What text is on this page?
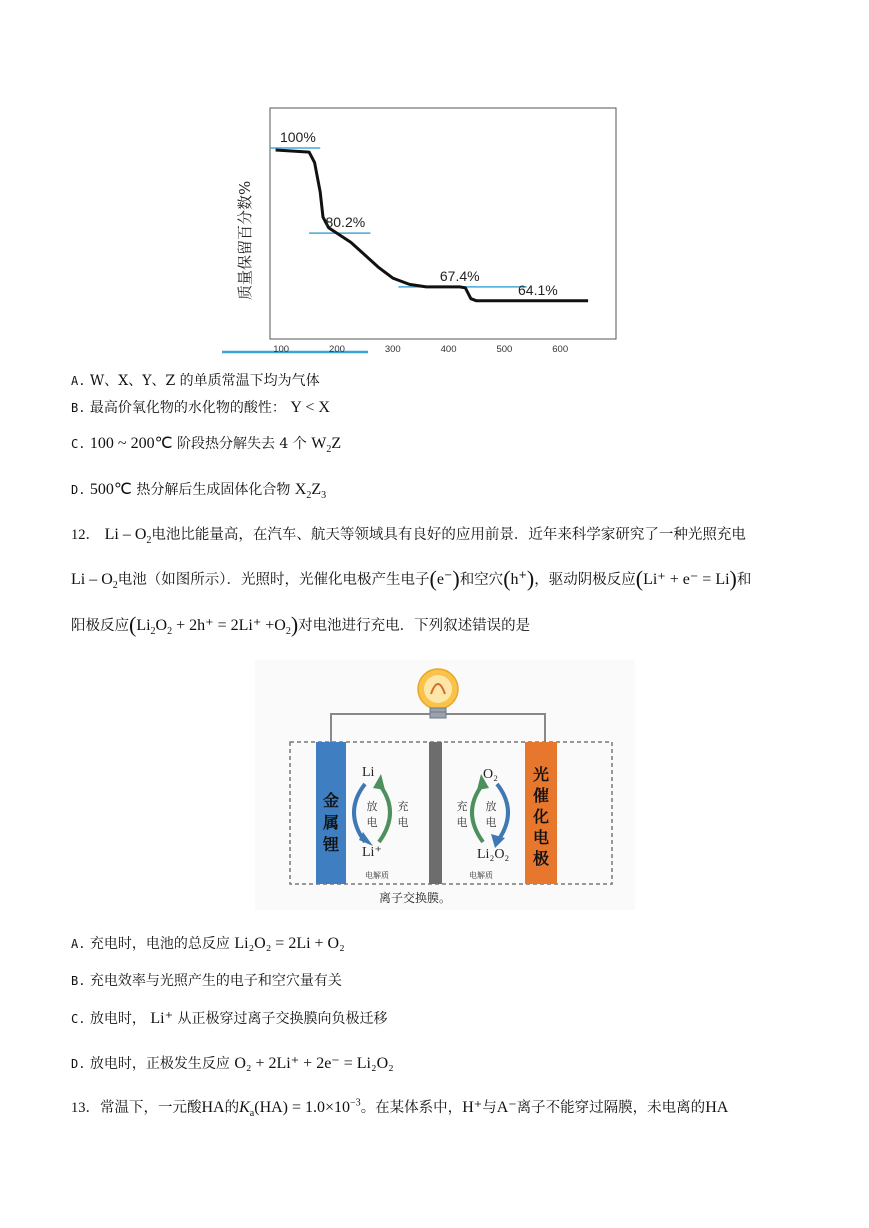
质量保留百分数%
100	200	300	400	500	600
100%
80.2%
67.4%
64.1%
A. W、X、Y、Z 的单质常温下均为气体
B. 最高价氧化物的水化物的酸性： Y < X
C. 100 ~ 200℃ 阶段热分解失去 4 个 $W_2Z$
D. 500℃ 热分解后生成固体化合物 $X_2Z_3$
12． Li – $O_2$电池比能量高，在汽车、航天等领域具有良好的应用前景．近年来科学家研究了一种光照充电
Li – $O_2$电池（如图所示）．光照时，光催化电极产生电子(e−)和空穴(h+)，驱动阴极反应(Li⁺ + e⁻ = Li)和
阳极反应$(Li_2O_2 + 2h^+ = 2Li^+ +O_2)$对电池进行充电．下列叙述错误的是
金
属
锂
光
催
化
电
极
Li
Li⁺
放
电
充
电
O₂
Li₂O₂
充
电
放
电
电解质	电解质
离子交换膜。
A. 充电时，电池的总反应 Li₂O₂ = 2Li + O₂
B. 充电效率与光照产生的电子和空穴量有关
C. 放电时， Li⁺ 从正极穿过离子交换膜向负极迁移
D. 放电时，正极发生反应 O₂ + 2Li⁺ + 2e⁻ = Li₂O₂
13．常温下，一元酸HA的$K_a(HA) = 1.0\times 10^{-3}$。在某体系中，H⁺与A⁻离子不能穿过隔膜，未电离的HA
